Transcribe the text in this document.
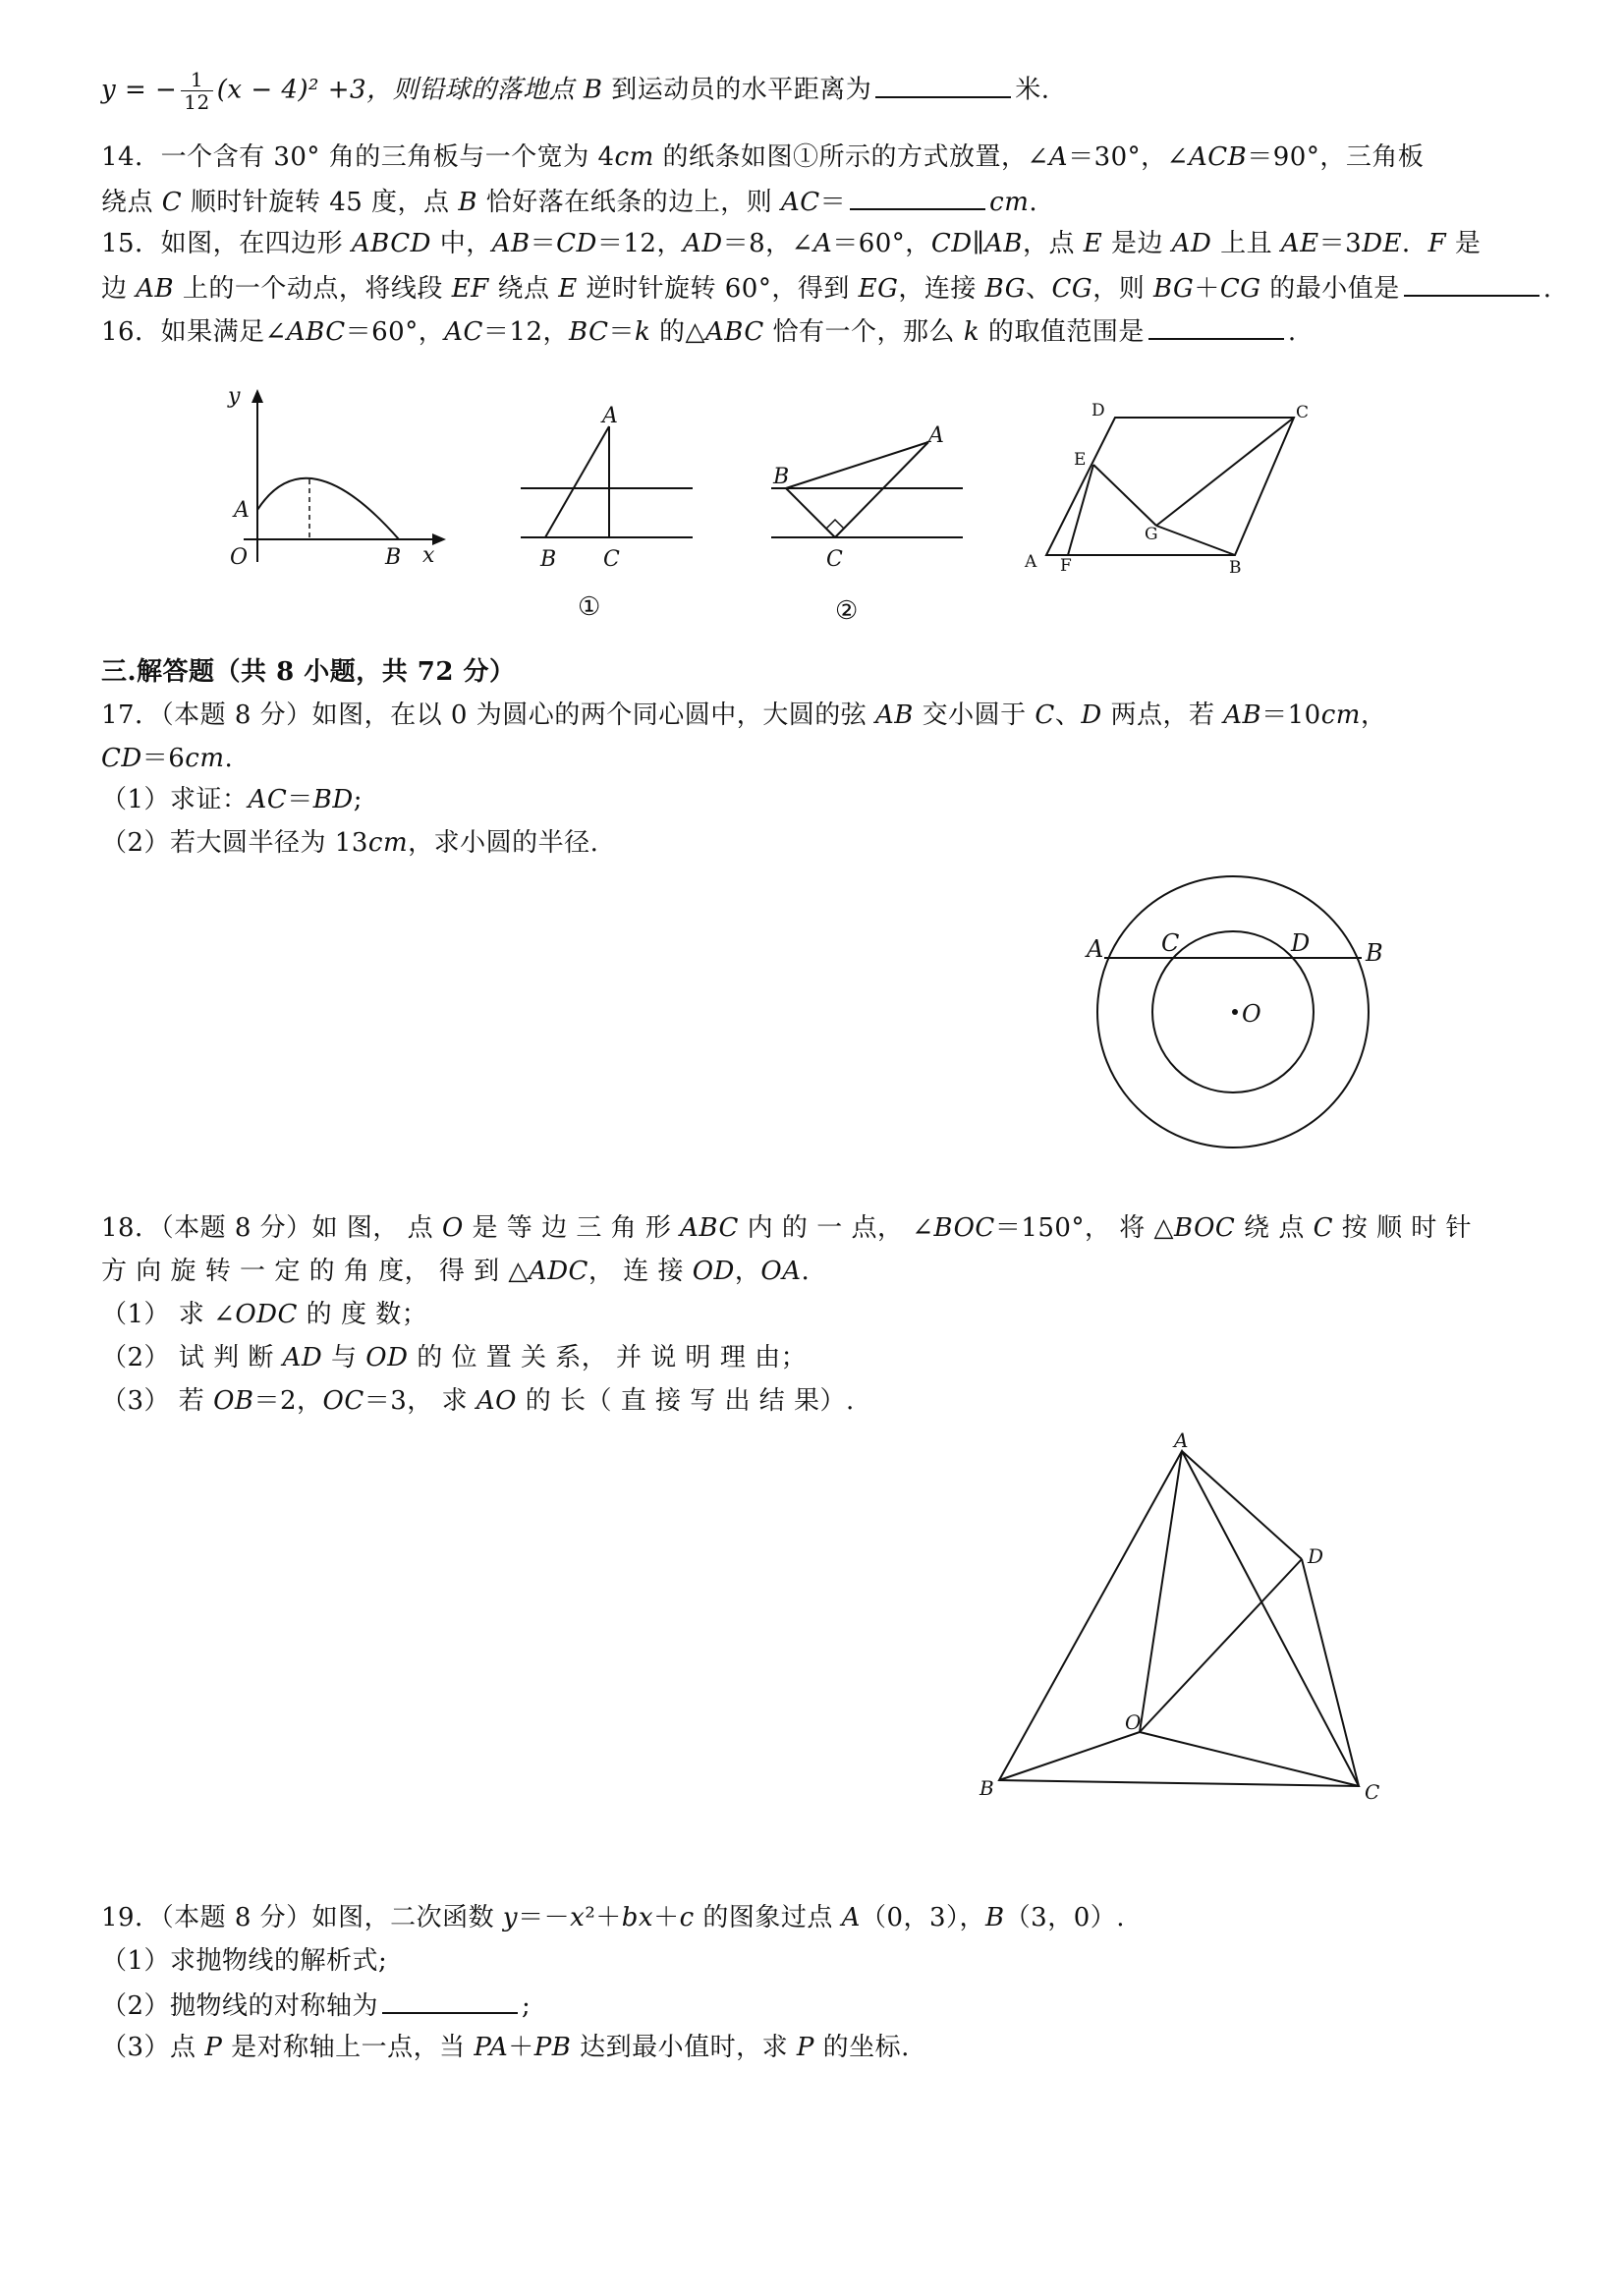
y = − $\frac{1}{12} (x - 4)^2 +3$，则铅球的落地点 B 到运动员的水平距离为	米.
14．一个含有 30° 角的三角板与一个宽为 4cm 的纸条如图①所示的方式放置，∠A＝30°，∠ACB＝90°，三角板
绕点 C 顺时针旋转 45 度，点 B 恰好落在纸条的边上，则 AC＝	cm.
15．如图，在四边形 ABCD 中，AB＝CD＝12，AD＝8，∠A＝60°，CD∥AB，点 E 是边 AD 上且 AE＝3DE．F 是
边 AB 上的一个动点，将线段 EF 绕点 E 逆时针旋转 60°，得到 EG，连接 BG、CG，则 BG＋CG 的最小值是	.
16．如果满足∠ABC＝60°，AC＝12，BC＝k 的△ABC 恰有一个，那么 k 的取值范围是	.
y
A
O	B x
A
B C
①
A
B
C
②
D	C
E
G
A F	B
三.解答题（共 8 小题，共 72 分）
17．（本题 8 分）如图，在以 0 为圆心的两个同心圆中，大圆的弦 AB 交小圆于 C、D 两点，若 AB＝10cm，
CD＝6cm.
（1）求证：AC＝BD;
（2）若大圆半径为 13cm，求小圆的半径.
A C	D B
O
18．（本题 8 分）如 图， 点 O 是 等 边 三 角 形 ABC 内 的 一 点， ∠BOC＝150°， 将 △BOC 绕 点 C 按 顺 时 针
方 向 旋 转 一 定 的 角 度， 得 到 △ADC， 连 接 OD，OA.
（1） 求 ∠ODC 的 度 数；
（2） 试 判 断 AD 与 OD 的 位 置 关 系， 并 说 明 理 由；
（3） 若 OB＝2，OC＝3， 求 AO 的 长（ 直 接 写 出 结 果）.
A
D
O
B	C
19．（本题 8 分）如图，二次函数 y＝－x²＋bx＋c 的图象过点 A（0，3），B（3，0）.
（1）求抛物线的解析式;
（2）抛物线的对称轴为	;
（3）点 P 是对称轴上一点，当 PA＋PB 达到最小值时，求 P 的坐标.
